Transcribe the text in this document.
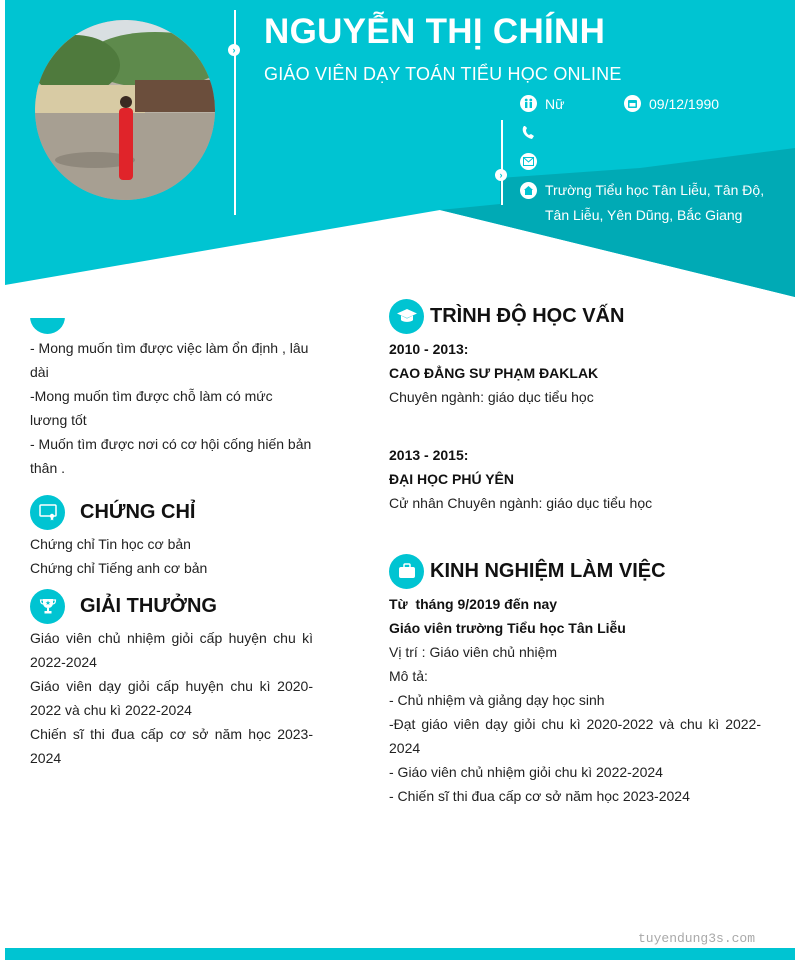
›
›
NGUYỄN THỊ CHÍNH
GIÁO VIÊN DẠY TOÁN TIỂU HỌC ONLINE
Nữ	09/12/1990
Trường Tiểu học Tân Liễu, Tân Độ,
Tân Liễu, Yên Dũng, Bắc Giang
- Mong muốn tìm được việc làm ổn định , lâu dài
-Mong muốn tìm được chỗ làm có mức lương tốt
- Muốn tìm được nơi có cơ hội cống hiến bản thân .
CHỨNG CHỈ
Chứng chỉ Tin học cơ bản
Chứng chỉ Tiếng anh cơ bản
GIẢI THƯỞNG
Giáo viên chủ nhiệm giỏi cấp huyện chu kì 2022-2024
Giáo viên dạy giỏi cấp huyện chu kì 2020-2022 và chu kì 2022-2024
Chiến sĩ thi đua cấp cơ sở năm học 2023-2024
TRÌNH ĐỘ HỌC VẤN
2010 - 2013:
CAO ĐẲNG SƯ PHẠM ĐAKLAK
Chuyên ngành: giáo dục tiểu học
2013 - 2015:
ĐẠI HỌC PHÚ YÊN
Cử nhân Chuyên ngành: giáo dục tiểu học
KINH NGHIỆM LÀM VIỆC
Từ  tháng 9/2019 đến nay
Giáo viên trường Tiểu học Tân Liễu
Vị trí : Giáo viên chủ nhiệm
Mô tả:
- Chủ nhiệm và giảng dạy học sinh
-Đạt giáo viên dạy giỏi chu kì 2020-2022 và chu kì 2022-2024
- Giáo viên chủ nhiệm giỏi chu kì 2022-2024
- Chiến sĩ thi đua cấp cơ sở năm học 2023-2024
tuyendung3s.com
